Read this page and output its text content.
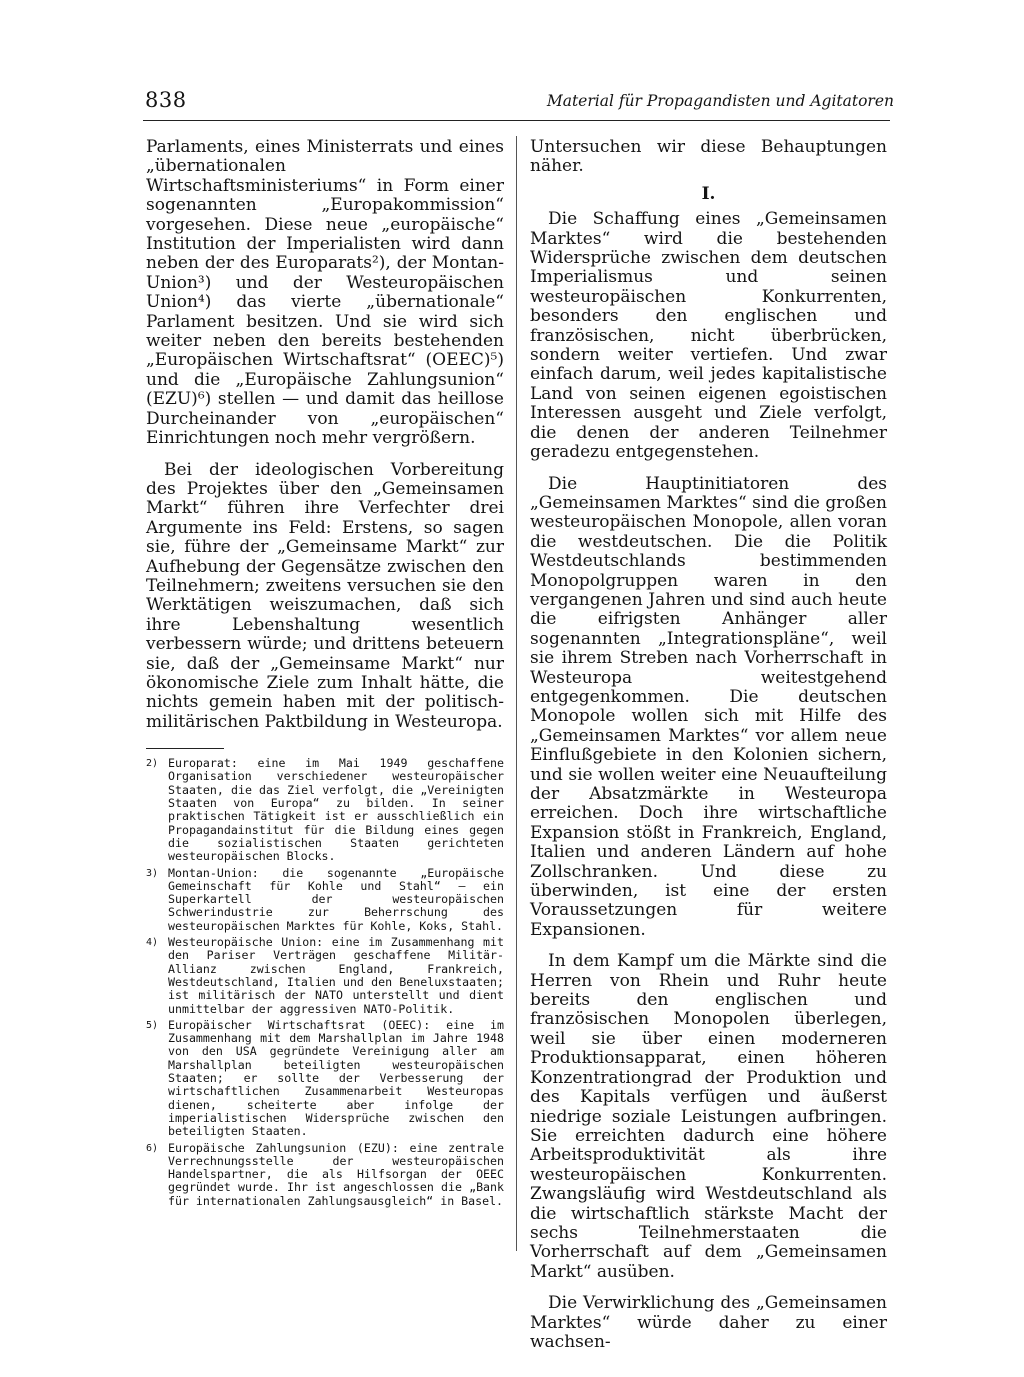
838	Material für Propagandisten und Agitatoren

Parlaments, eines Ministerrats und eines „übernationalen Wirtschaftsministeriums“ in Form einer sogenannten „Europakommission“ vorgesehen. Diese neue „europäische“ Institution der Imperialisten wird dann neben der des Europarats²), der Montan-Union³) und der Westeuropäischen Union⁴) das vierte „übernationale“ Parlament besitzen. Und sie wird sich weiter neben den bereits bestehenden „Europäischen Wirtschaftsrat“ (OEEC)⁵) und die „Europäische Zahlungsunion“ (EZU)⁶) stellen — und damit das heillose Durcheinander von „europäischen“ Einrichtungen noch mehr vergrößern.

Bei der ideologischen Vorbereitung des Projektes über den „Gemeinsamen Markt“ führen ihre Verfechter drei Argumente ins Feld: Erstens, so sagen sie, führe der „Gemeinsame Markt“ zur Aufhebung der Gegensätze zwischen den Teilnehmern; zweitens versuchen sie den Werktätigen weiszumachen, daß sich ihre Lebenshaltung wesentlich verbessern würde; und drittens beteuern sie, daß der „Gemeinsame Markt“ nur ökonomische Ziele zum Inhalt hätte, die nichts gemein haben mit der politisch-militärischen Paktbildung in Westeuropa.

2) Europarat: eine im Mai 1949 geschaffene Organisation verschiedener westeuropäischer Staaten, die das Ziel verfolgt, die „Vereinigten Staaten von Europa“ zu bilden. In seiner praktischen Tätigkeit ist er ausschließlich ein Propagandainstitut für die Bildung eines gegen die sozialistischen Staaten gerichteten westeuropäischen Blocks.
3) Montan-Union: die sogenannte „Europäische Gemeinschaft für Kohle und Stahl“ — ein Superkartell der westeuropäischen Schwerindustrie zur Beherrschung des westeuropäischen Marktes für Kohle, Koks, Stahl.
4) Westeuropäische Union: eine im Zusammenhang mit den Pariser Verträgen geschaffene Militär-Allianz zwischen England, Frankreich, Westdeutschland, Italien und den Beneluxstaaten; ist militärisch der NATO unterstellt und dient unmittelbar der aggressiven NATO-Politik.
5) Europäischer Wirtschaftsrat (OEEC): eine im Zusammenhang mit dem Marshallplan im Jahre 1948 von den USA gegründete Vereinigung aller am Marshallplan beteiligten westeuropäischen Staaten; er sollte der Verbesserung der wirtschaftlichen Zusammenarbeit Westeuropas dienen, scheiterte aber infolge der imperialistischen Widersprüche zwischen den beteiligten Staaten.
6) Europäische Zahlungsunion (EZU): eine zentrale Verrechnungsstelle der westeuropäischen Handelspartner, die als Hilfsorgan der OEEC gegründet wurde. Ihr ist angeschlossen die „Bank für internationalen Zahlungsausgleich“ in Basel.

Untersuchen wir diese Behauptungen näher.

I.

Die Schaffung eines „Gemeinsamen Marktes“ wird die bestehenden Widersprüche zwischen dem deutschen Imperialismus und seinen westeuropäischen Konkurrenten, besonders den englischen und französischen, nicht überbrücken, sondern weiter vertiefen. Und zwar einfach darum, weil jedes kapitalistische Land von seinen eigenen egoistischen Interessen ausgeht und Ziele verfolgt, die denen der anderen Teilnehmer geradezu entgegenstehen.

Die Hauptinitiatoren des „Gemeinsamen Marktes“ sind die großen westeuropäischen Monopole, allen voran die westdeutschen. Die die Politik Westdeutschlands bestimmenden Monopolgruppen waren in den vergangenen Jahren und sind auch heute die eifrigsten Anhänger aller sogenannten „Integrationspläne“, weil sie ihrem Streben nach Vorherrschaft in Westeuropa weitestgehend entgegenkommen. Die deutschen Monopole wollen sich mit Hilfe des „Gemeinsamen Marktes“ vor allem neue Einflußgebiete in den Kolonien sichern, und sie wollen weiter eine Neuaufteilung der Absatzmärkte in Westeuropa erreichen. Doch ihre wirtschaftliche Expansion stößt in Frankreich, England, Italien und anderen Ländern auf hohe Zollschranken. Und diese zu überwinden, ist eine der ersten Voraussetzungen für weitere Expansionen.

In dem Kampf um die Märkte sind die Herren von Rhein und Ruhr heute bereits den englischen und französischen Monopolen überlegen, weil sie über einen moderneren Produktionsapparat, einen höheren Konzentrationgrad der Produktion und des Kapitals verfügen und äußerst niedrige soziale Leistungen aufbringen. Sie erreichten dadurch eine höhere Arbeitsproduktivität als ihre westeuropäischen Konkurrenten. Zwangsläufig wird Westdeutschland als die wirtschaftlich stärkste Macht der sechs Teilnehmerstaaten die Vorherrschaft auf dem „Gemeinsamen Markt“ ausüben.

Die Verwirklichung des „Gemeinsamen Marktes“ würde daher zu einer wachsen-
